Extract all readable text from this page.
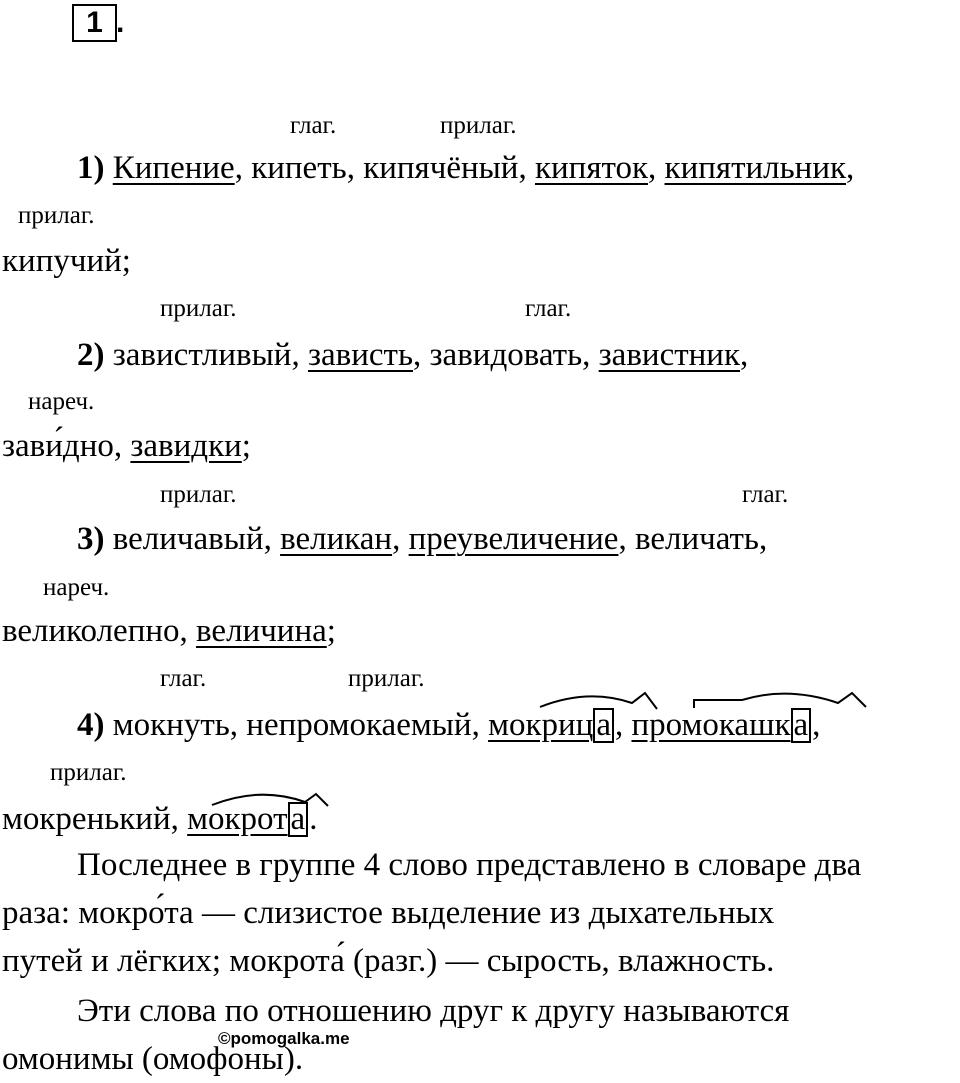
1 .
глаг.	прилаг.
1) Кипение, кипеть, кипячёный, кипяток, кипятильник,
прилаг.
кипучий;
прилаг.	глаг.
2) завистливый, зависть, завидовать, завистник,
нареч.
зави́дно, завидки;
прилаг.	глаг.
3) величавый, великан, преувеличение, величать,
нареч.
великолепно, величина;
глаг.	прилаг.
4) мокнуть, непромокаемый, мокрица , промокашка ,
прилаг.
мокренький, мокрота .
Последнее в группе 4 слово представлено в словаре два
раза: мокро́та — слизистое выделение из дыхательных
путей и лёгких; мокрота́ (разг.) — сырость, влажность.
Эти слова по отношению друг к другу называются
омонимы (омофоны).
©pomogalka.me
